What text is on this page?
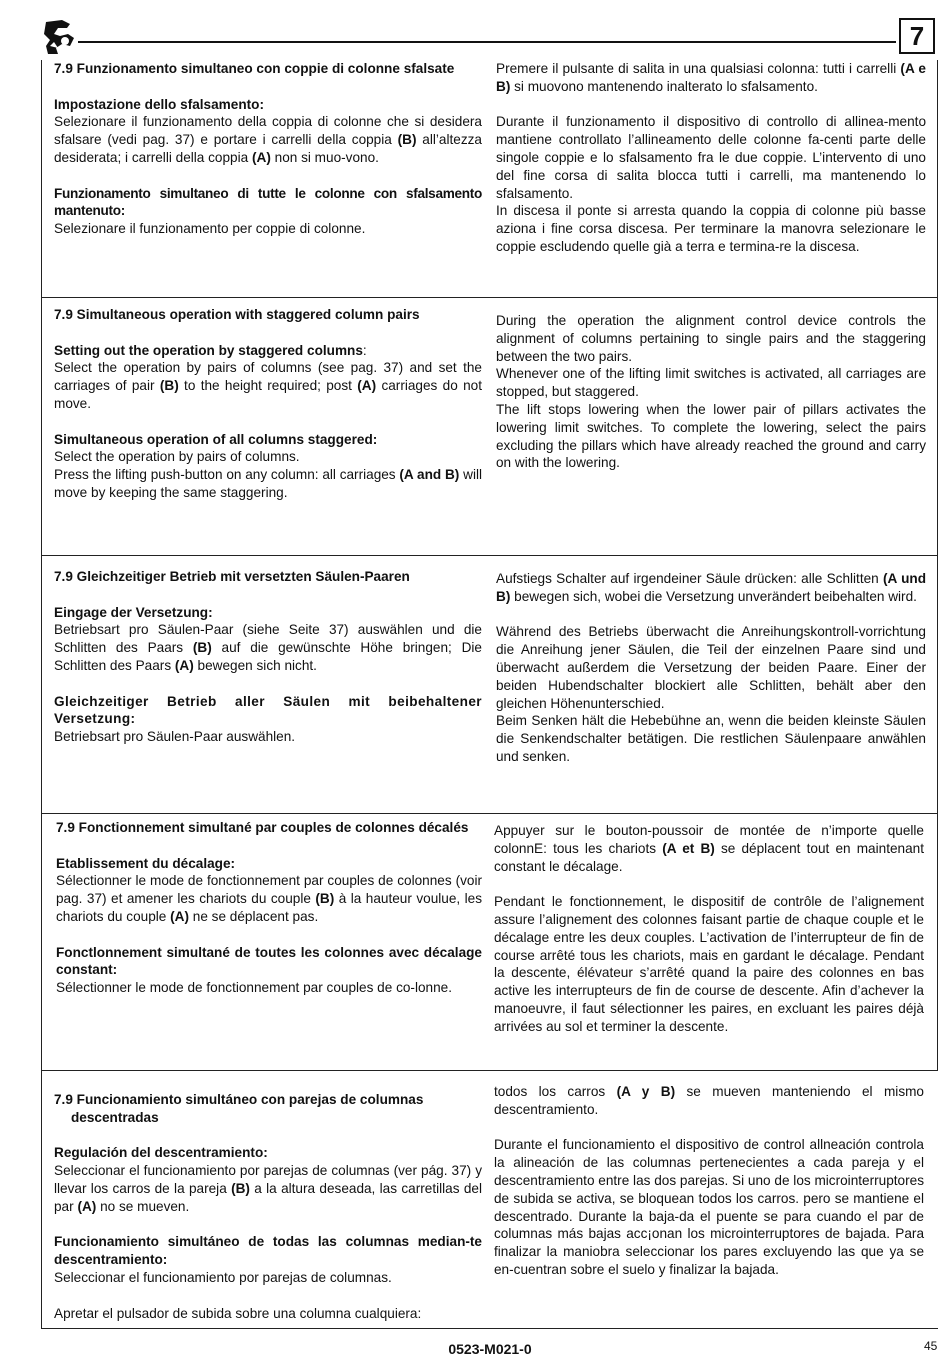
7

7.9 Funzionamento simultaneo con coppie di colonne sfalsate

Impostazione dello sfalsamento:

Selezionare il funzionamento della coppia di colonne che si desidera sfalsare (vedi pag. 37) e portare i carrelli della coppia (B) all’altezza desiderata; i carrelli della coppia (A) non si muo-vono.

Funzionamento simultaneo di tutte le colonne con sfalsamento mantenuto:

Selezionare il funzionamento per coppie di colonne.

Premere il pulsante di salita in una qualsiasi colonna: tutti i carrelli (A e B) si muovono mantenendo inalterato lo sfalsamento.

Durante il funzionamento il dispositivo di controllo di allinea-mento mantiene controllato l’allineamento delle colonne fa-centi parte delle singole coppie e lo sfalsamento fra le due coppie. L’intervento di uno del fine corsa di salita blocca tutti i carrelli, ma mantenendo lo sfalsamento.

In discesa il ponte si arresta quando la coppia di colonne più basse aziona i fine corsa discesa. Per terminare la manovra selezionare le coppie escludendo quelle già a terra e termina-re la discesa.

7.9 Simultaneous operation with staggered column pairs

Setting out the operation by staggered columns:

Select the operation by pairs of columns (see pag. 37) and set the carriages of pair (B) to the height required; post (A) carriages do not move.

Simultaneous operation of all columns staggered:

Select the operation by pairs of columns.

Press the lifting push-button on any column: all carriages (A and B) will move by keeping the same staggering.

During the operation the alignment control device controls the alignment of columns pertaining to single pairs and the staggering between the two pairs.

Whenever one of the lifting limit switches is activated, all carriages are stopped, but staggered.

The lift stops lowering when the lower pair of pillars activates the lowering limit switches. To complete the lowering, select the pairs excluding the pillars which have already reached the ground and carry on with the lowering.

7.9 Gleichzeitiger Betrieb mit versetzten Säulen-Paaren

Eingage der Versetzung:

Betriebsart pro Säulen-Paar (siehe Seite 37) auswählen und die Schlitten des Paars (B) auf die gewünschte Höhe bringen; Die Schlitten des Paars (A) bewegen sich nicht.

Gleichzeitiger Betrieb aller Säulen mit beibehaltener Versetzung:

Betriebsart pro Säulen-Paar auswählen.

Aufstiegs Schalter auf irgendeiner Säule drücken: alle Schlitten (A und B) bewegen sich, wobei die Versetzung unverändert beibehalten wird.

Während des Betriebs überwacht die Anreihungskontroll-vorrichtung die Anreihung jener Säulen, die Teil der einzelnen Paare sind und überwacht außerdem die Versetzung der beiden Paare. Einer der beiden Hubendschalter blockiert alle Schlitten, behält aber den gleichen Höhenunterschied.

Beim Senken hält die Hebebühne an, wenn die beiden kleinste Säulen die Senkendschalter betätigen. Die restlichen Säulenpaare anwählen und senken.

7.9 Fonctionnement simultané par couples de colonnes décalés

Etablissement du décalage:

Sélectionner le mode de fonctionnement par couples de colonnes (voir pag. 37) et amener les chariots du couple (B) à la hauteur voulue, les chariots du couple (A) ne se déplacent pas.

Fonctlonnement simultané de toutes les colonnes avec décalage constant:

Sélectionner le mode de fonctionnement par couples de co-lonne.

Appuyer sur le bouton-poussoir de montée de n’importe quelle colonnE: tous les chariots (A et B) se déplacent tout en maintenant constant le décalage.

Pendant le fonctionnement, le dispositif de contrôle de l’alignement assure l’alignement des colonnes faisant partie de chaque couple et le décalage entre les deux couples. L’activation de l’interrupteur de fin de course arrêté tous les chariots, mais en gardant le décalage. Pendant la descente, élévateur s’arrêté quand la paire des colonnes en bas active les interrupteurs de fin de course de descente. Afin d’achever la manoeuvre, il faut sélectionner les paires, en excluant les paires déjà arrivées au sol et terminer la descente.

7.9 Funcionamiento simultáneo con parejas de columnas descentradas

Regulación del descentramiento:

Seleccionar el funcionamiento por parejas de columnas (ver pág. 37) y llevar los carros de la pareja (B) a la altura deseada, las carretillas del par (A) no se mueven.

Funcionamiento simultáneo de todas las columnas median-te descentramiento:

Seleccionar el funcionamiento por parejas de columnas.

Apretar el pulsador de subida sobre una columna cualquiera:

todos los carros (A y B) se mueven manteniendo el mismo descentramiento.

Durante el funcionamiento el dispositivo de control allneación controla la alineación de las columnas pertenecientes a cada pareja y el descentramiento entre las dos parejas. Si uno de los microinterruptores de subida se activa, se bloquean todos los carros. pero se mantiene el descentrado. Durante la baja-da el puente se para cuando el par de columnas más bajas acc¡onan los microinterruptores de bajada. Para finalizar la maniobra seleccionar los pares excluyendo las que ya se en-cuentran sobre el suelo y finalizar la bajada.

0523-M021-0	45
